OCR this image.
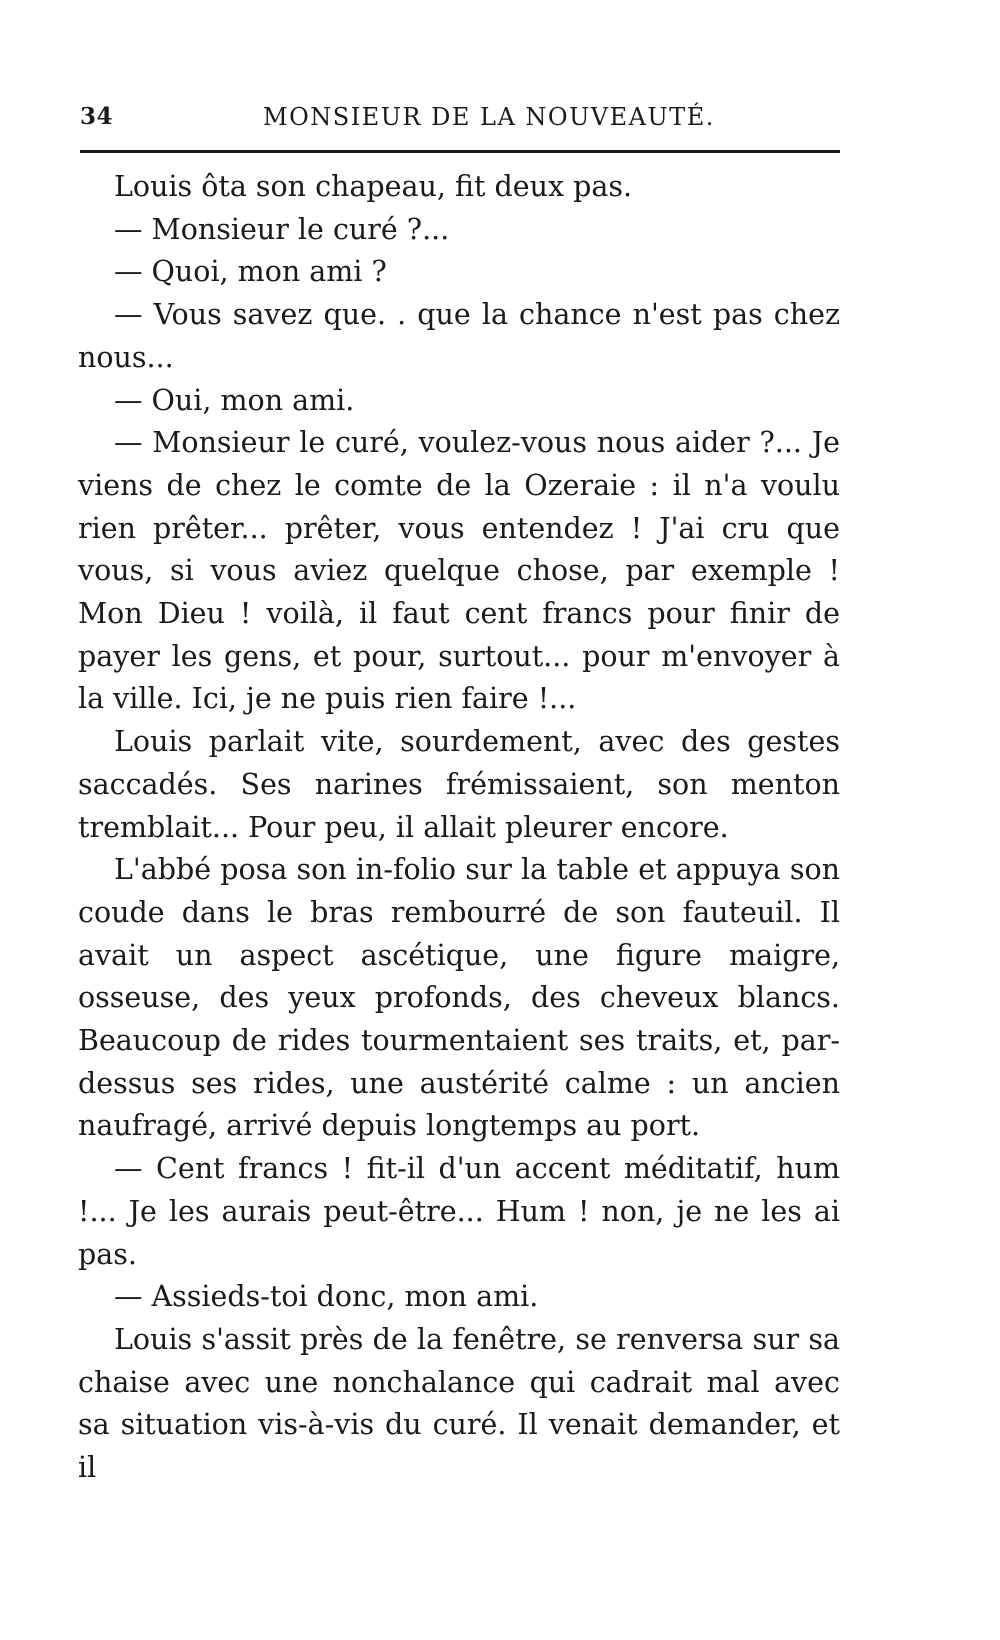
34	MONSIEUR DE LA NOUVEAUTÉ.

Louis ôta son chapeau, fit deux pas.

— Monsieur le curé ?...

— Quoi, mon ami ?

— Vous savez que. . que la chance n'est pas chez nous...

— Oui, mon ami.

— Monsieur le curé, voulez-vous nous aider ?... Je viens de chez le comte de la Ozeraie : il n'a voulu rien prêter... prêter, vous entendez ! J'ai cru que vous, si vous aviez quelque chose, par exemple ! Mon Dieu ! voilà, il faut cent francs pour finir de payer les gens, et pour, surtout... pour m'envoyer à la ville. Ici, je ne puis rien faire !...

Louis parlait vite, sourdement, avec des gestes saccadés. Ses narines frémissaient, son menton tremblait... Pour peu, il allait pleurer encore.

L'abbé posa son in-folio sur la table et appuya son coude dans le bras rembourré de son fauteuil. Il avait un aspect ascétique, une figure maigre, osseuse, des yeux profonds, des cheveux blancs. Beaucoup de rides tourmentaient ses traits, et, par-dessus ses rides, une austérité calme : un ancien naufragé, arrivé depuis longtemps au port.

— Cent francs ! fit-il d'un accent méditatif, hum !... Je les aurais peut-être... Hum ! non, je ne les ai pas.

— Assieds-toi donc, mon ami.

Louis s'assit près de la fenêtre, se renversa sur sa chaise avec une nonchalance qui cadrait mal avec sa situation vis-à-vis du curé. Il venait demander, et il
